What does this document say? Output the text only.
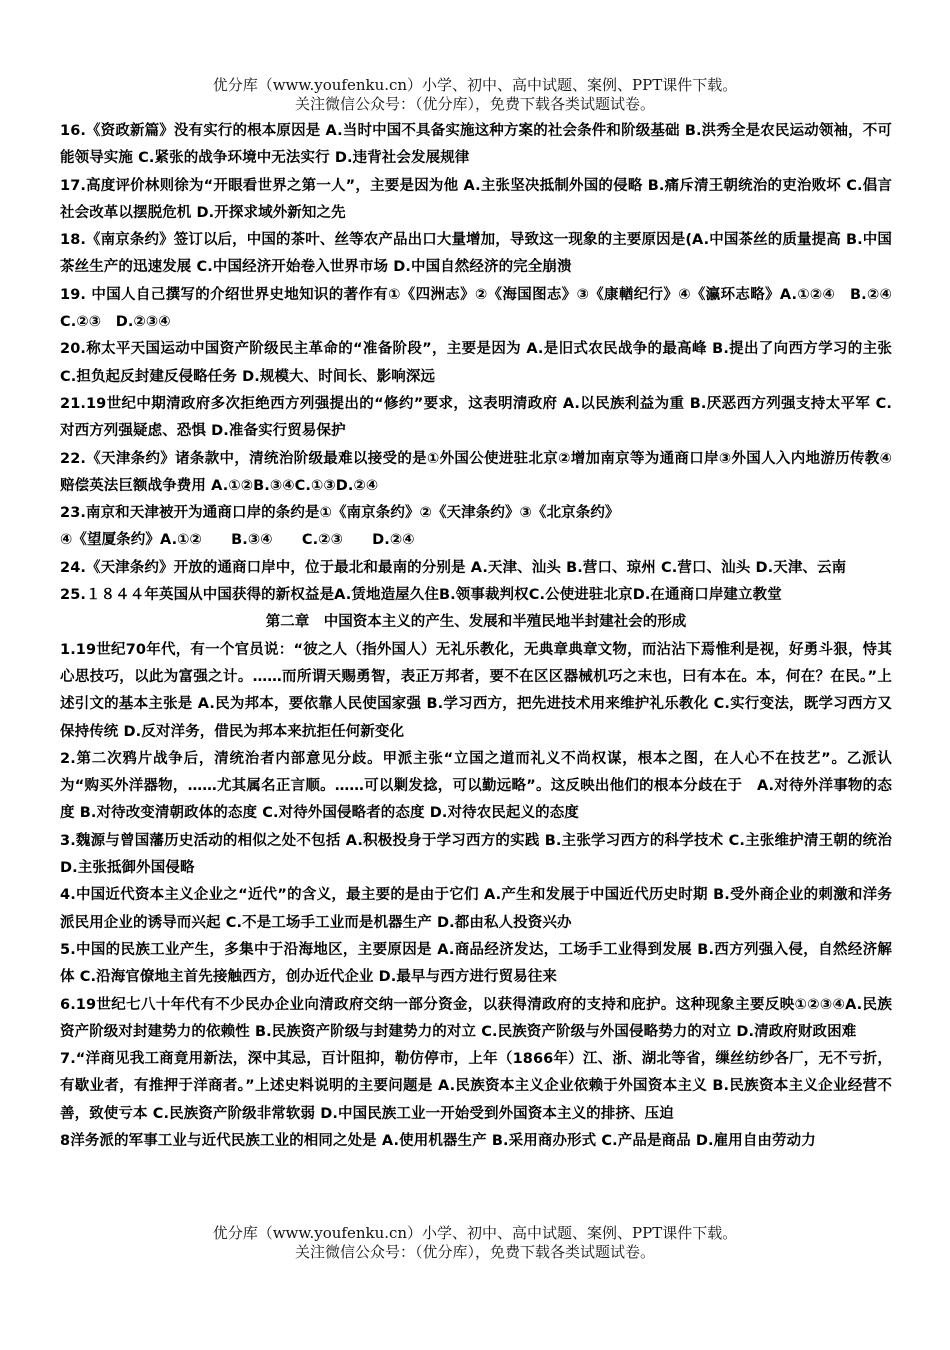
优分库（www.youfenku.cn）小学、初中、高中试题、案例、PPT课件下载。
关注微信公众号：（优分库），免费下载各类试题试卷。

16.《资政新篇》没有实行的根本原因是 A.当时中国不具备实施这种方案的社会条件和阶级基础 B.洪秀全是农民运动领袖，不可能领导实施 C.紧张的战争环境中无法实行 D.违背社会发展规律

17.高度评价林则徐为“开眼看世界之第一人”，主要是因为他 A.主张坚决抵制外国的侵略 B.痛斥清王朝统治的吏治败坏 C.倡言社会改革以摆脱危机 D.开探求域外新知之先

18.《南京条约》签订以后，中国的茶叶、丝等农产品出口大量增加，导致这一现象的主要原因是(A.中国茶丝的质量提高 B.中国茶丝生产的迅速发展 C.中国经济开始卷入世界市场 D.中国自然经济的完全崩溃

19. 中国人自己撰写的介绍世界史地知识的著作有①《四洲志》②《海国图志》③《康輶纪行》④《瀛环志略》A.①②④　B.②④　C.②③　D.②③④

20.称太平天国运动中国资产阶级民主革命的“准备阶段”，主要是因为 A.是旧式农民战争的最高峰 B.提出了向西方学习的主张 C.担负起反封建反侵略任务 D.规模大、时间长、影响深远

21.19世纪中期清政府多次拒绝西方列强提出的“修约”要求，这表明清政府 A.以民族利益为重 B.厌恶西方列强支持太平军 C.对西方列强疑虑、恐惧 D.准备实行贸易保护

22.《天津条约》诸条款中，清统治阶级最难以接受的是①外国公使进驻北京②增加南京等为通商口岸③外国人入内地游历传教④赔偿英法巨额战争费用 A.①②B.③④C.①③D.②④

23.南京和天津被开为通商口岸的条约是①《南京条约》②《天津条约》③《北京条约》

④《望厦条约》A.①②　　B.③④　　C.②③　　D.②④

24.《天津条约》开放的通商口岸中，位于最北和最南的分别是 A.天津、汕头 B.营口、琼州 C.营口、汕头 D.天津、云南

25.１８４４年英国从中国获得的新权益是A.赁地造屋久住B.领事裁判权C.公使进驻北京D.在通商口岸建立教堂

第二章　中国资本主义的产生、发展和半殖民地半封建社会的形成

1.19世纪70年代，有一个官员说：“彼之人（指外国人）无礼乐教化，无典章典章文物，而沾沾下焉惟利是视，好勇斗狠，恃其心思技巧，以此为富强之计。……而所谓天赐勇智，表正万邦者，要不在区区器械机巧之末也，曰有本在。本，何在？在民。”上述引文的基本主张是 A.民为邦本，要依靠人民使国家强 B.学习西方，把先进技术用来维护礼乐教化 C.实行变法，既学习西方又保持传统 D.反对洋务，借民为邦本来抗拒任何新变化

2.第二次鸦片战争后，清统治者内部意见分歧。甲派主张“立国之道而礼义不尚权谋，根本之图，在人心不在技艺”。乙派认为“购买外洋器物，……尤其属名正言顺。……可以剿发捻，可以勤远略”。这反映出他们的根本分歧在于　A.对待外洋事物的态度 B.对待改变清朝政体的态度 C.对待外国侵略者的态度 D.对待农民起义的态度

3.魏源与曾国藩历史活动的相似之处不包括 A.积极投身于学习西方的实践 B.主张学习西方的科学技术 C.主张维护清王朝的统治 D.主张抵御外国侵略

4.中国近代资本主义企业之“近代”的含义，最主要的是由于它们 A.产生和发展于中国近代历史时期 B.受外商企业的刺激和洋务派民用企业的诱导而兴起 C.不是工场手工业而是机器生产 D.都由私人投资兴办

5.中国的民族工业产生，多集中于沿海地区，主要原因是 A.商品经济发达，工场手工业得到发展 B.西方列强入侵，自然经济解体 C.沿海官僚地主首先接触西方，创办近代企业 D.最早与西方进行贸易往来

6.19世纪七八十年代有不少民办企业向清政府交纳一部分资金，以获得清政府的支持和庇护。这种现象主要反映①②③④A.民族资产阶级对封建势力的依赖性 B.民族资产阶级与封建势力的对立 C.民族资产阶级与外国侵略势力的对立 D.清政府财政困难

7.“洋商见我工商竟用新法，深中其忌，百计阻抑，勒仿停市，上年（1866年）江、浙、湖北等省，缫丝纺纱各厂，无不亏折，有歇业者，有推押于洋商者。”上述史料说明的主要问题是 A.民族资本主义企业依赖于外国资本主义 B.民族资本主义企业经营不善，致使亏本 C.民族资产阶级非常软弱 D.中国民族工业一开始受到外国资本主义的排挤、压迫

8洋务派的军事工业与近代民族工业的相同之处是 A.使用机器生产 B.采用商办形式 C.产品是商品 D.雇用自由劳动力

优分库（www.youfenku.cn）小学、初中、高中试题、案例、PPT课件下载。
关注微信公众号：（优分库），免费下载各类试题试卷。
